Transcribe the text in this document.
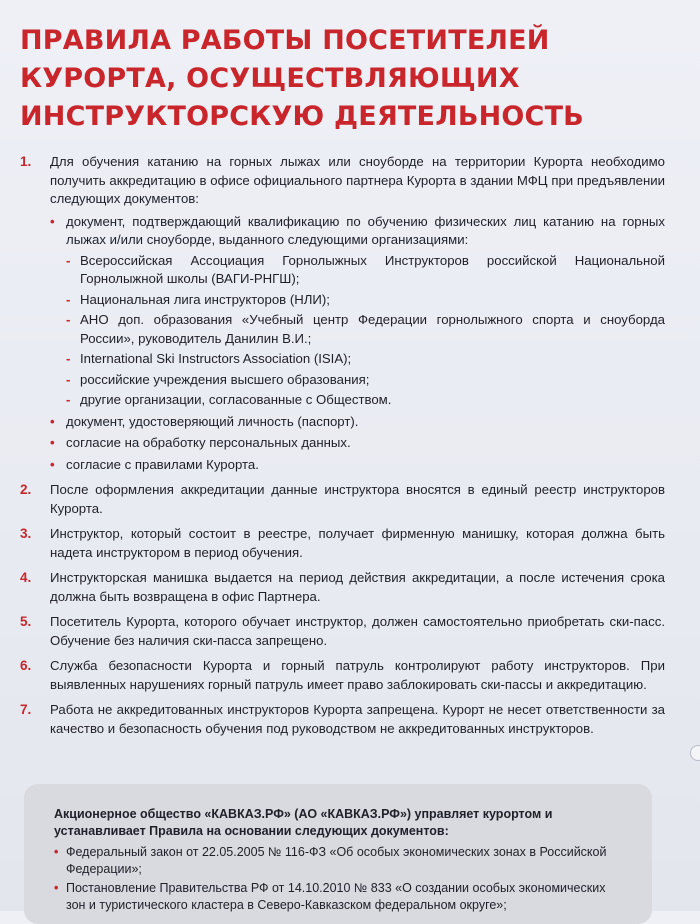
ПРАВИЛА РАБОТЫ ПОСЕТИТЕЛЕЙ
КУРОРТА, ОСУЩЕСТВЛЯЮЩИХ
ИНСТРУКТОРСКУЮ ДЕЯТЕЛЬНОСТЬ
1. Для обучения катанию на горных лыжах или сноуборде на территории Курорта необходимо получить аккредитацию в офисе официального партнера Курорта в здании МФЦ при предъявлении следующих документов:
• документ, подтверждающий квалификацию по обучению физических лиц катанию на горных лыжах и/или сноуборде, выданного следующими организациями:
- Всероссийская Ассоциация Горнолыжных Инструкторов российской Национальной Горнолыжной школы (ВАГИ-РНГШ);
- Национальная лига инструкторов (НЛИ);
- АНО доп. образования «Учебный центр Федерации горнолыжного спорта и сноуборда России», руководитель Данилин В.И.;
- International Ski Instructors Association (ISIA);
- российские учреждения высшего образования;
- другие организации, согласованные с Обществом.
• документ, удостоверяющий личность (паспорт).
• согласие на обработку персональных данных.
• согласие с правилами Курорта.
2. После оформления аккредитации данные инструктора вносятся в единый реестр инструкторов Курорта.
3. Инструктор, который состоит в реестре, получает фирменную манишку, которая должна быть надета инструктором в период обучения.
4. Инструкторская манишка выдается на период действия аккредитации, а после истечения срока должна быть возвращена в офис Партнера.
5. Посетитель Курорта, которого обучает инструктор, должен самостоятельно приобретать ски-пасс. Обучение без наличия ски-пасса запрещено.
6. Служба безопасности Курорта и горный патруль контролируют работу инструкторов. При выявленных нарушениях горный патруль имеет право заблокировать ски-пассы и аккредитацию.
7. Работа не аккредитованных инструкторов Курорта запрещена. Курорт не несет ответственности за качество и безопасность обучения под руководством не аккредитованных инструкторов.

Акционерное общество «КАВКАЗ.РФ» (АО «КАВКАЗ.РФ») управляет курортом и устанавливает Правила на основании следующих документов:

• Федеральный закон от 22.05.2005 № 116-ФЗ «Об особых экономических зонах в Российской Федерации»;
• Постановление Правительства РФ от 14.10.2010 № 833 «О создании особых экономических зон и туристического кластера в Северо-Кавказском федеральном округе»;
